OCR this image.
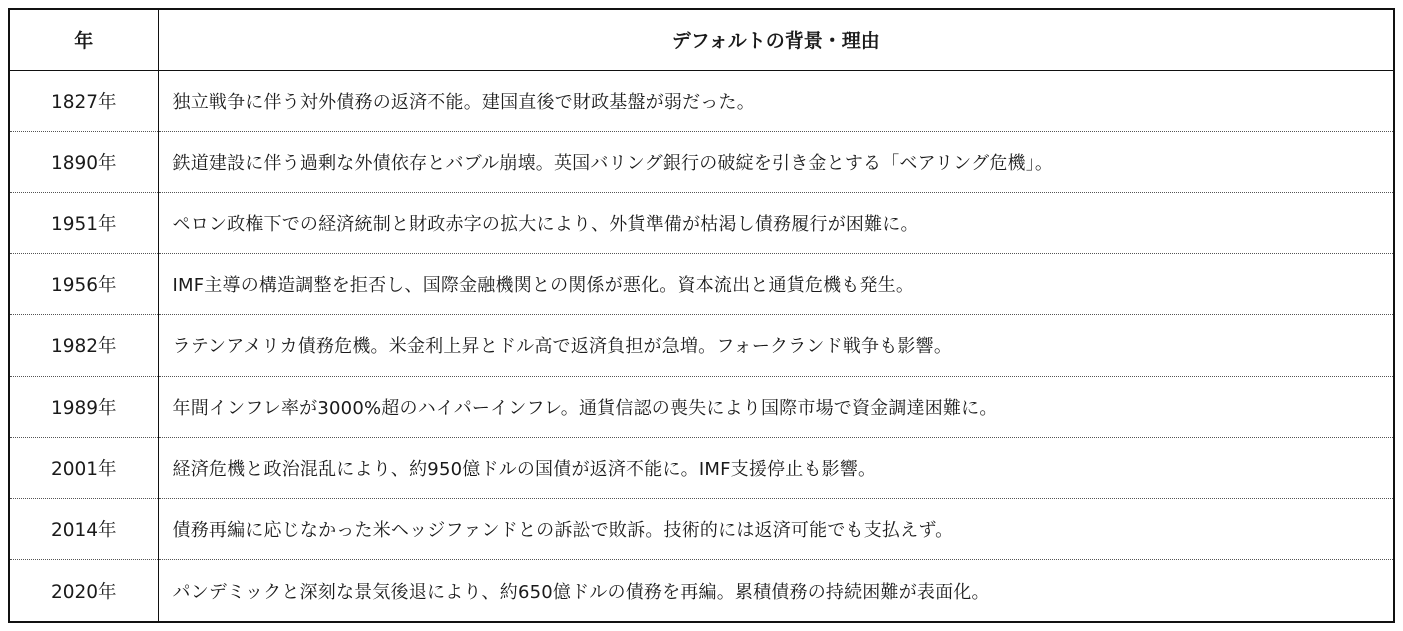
年	デフォルトの背景・理由
1827年	独立戦争に伴う対外債務の返済不能。建国直後で財政基盤が弱だった。
1890年	鉄道建設に伴う過剰な外債依存とバブル崩壊。英国バリング銀行の破綻を引き金とする「ベアリング危機」。
1951年	ペロン政権下での経済統制と財政赤字の拡大により、外貨準備が枯渇し債務履行が困難に。
1956年	IMF主導の構造調整を拒否し、国際金融機関との関係が悪化。資本流出と通貨危機も発生。
1982年	ラテンアメリカ債務危機。米金利上昇とドル高で返済負担が急増。フォークランド戦争も影響。
1989年	年間インフレ率が3000%超のハイパーインフレ。通貨信認の喪失により国際市場で資金調達困難に。
2001年	経済危機と政治混乱により、約950億ドルの国債が返済不能に。IMF支援停止も影響。
2014年	債務再編に応じなかった米ヘッジファンドとの訴訟で敗訴。技術的には返済可能でも支払えず。
2020年	パンデミックと深刻な景気後退により、約650億ドルの債務を再編。累積債務の持続困難が表面化。
